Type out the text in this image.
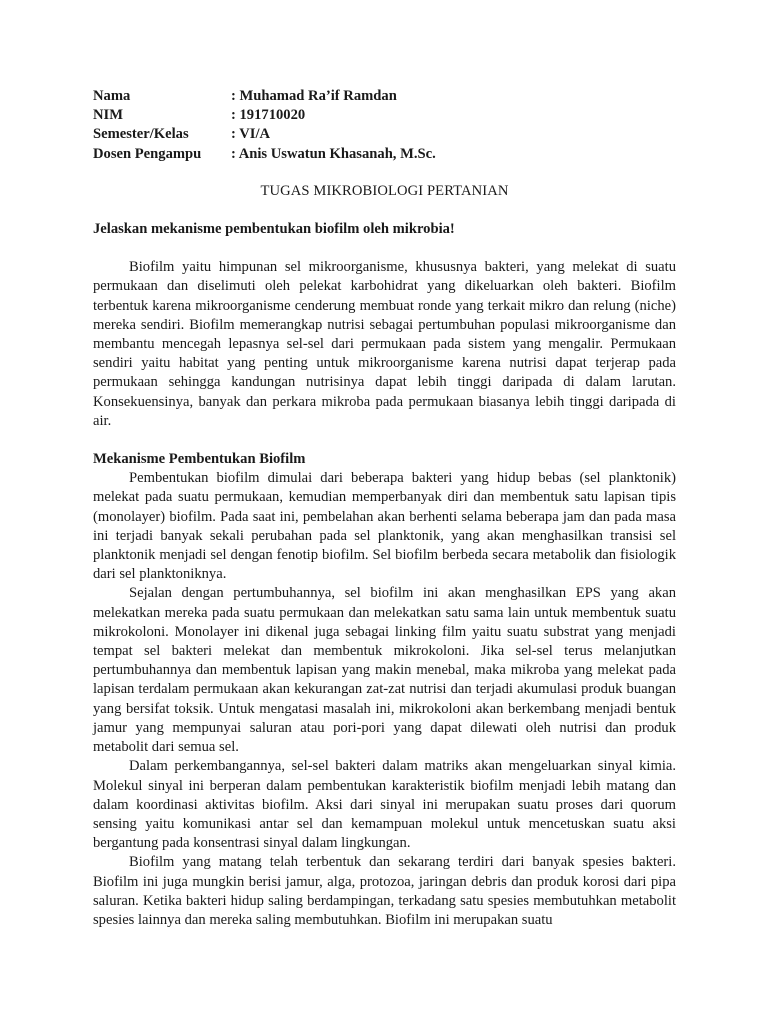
Nama	: Muhamad Ra’if Ramdan
NIM	: 191710020
Semester/Kelas	: VI/A
Dosen Pengampu	: Anis Uswatun Khasanah, M.Sc.
TUGAS MIKROBIOLOGI PERTANIAN
Jelaskan mekanisme pembentukan biofilm oleh mikrobia!

Biofilm yaitu himpunan sel mikroorganisme, khususnya bakteri, yang melekat di suatu permukaan dan diselimuti oleh pelekat karbohidrat yang dikeluarkan oleh bakteri. Biofilm terbentuk karena mikroorganisme cenderung membuat ronde yang terkait mikro dan relung (niche) mereka sendiri. Biofilm memerangkap nutrisi sebagai pertumbuhan populasi mikroorganisme dan membantu mencegah lepasnya sel-sel dari permukaan pada sistem yang mengalir. Permukaan sendiri yaitu habitat yang penting untuk mikroorganisme karena nutrisi dapat terjerap pada permukaan sehingga kandungan nutrisinya dapat lebih tinggi daripada di dalam larutan. Konsekuensinya, banyak dan perkara mikroba pada permukaan biasanya lebih tinggi daripada di air.

Mekanisme Pembentukan Biofilm

Pembentukan biofilm dimulai dari beberapa bakteri yang hidup bebas (sel planktonik) melekat pada suatu permukaan, kemudian memperbanyak diri dan membentuk satu lapisan tipis (monolayer) biofilm. Pada saat ini, pembelahan akan berhenti selama beberapa jam dan pada masa ini terjadi banyak sekali perubahan pada sel planktonik, yang akan menghasilkan transisi sel planktonik menjadi sel dengan fenotip biofilm. Sel biofilm berbeda secara metabolik dan fisiologik dari sel planktoniknya.

Sejalan dengan pertumbuhannya, sel biofilm ini akan menghasilkan EPS yang akan melekatkan mereka pada suatu permukaan dan melekatkan satu sama lain untuk membentuk suatu mikrokoloni. Monolayer ini dikenal juga sebagai linking film yaitu suatu substrat yang menjadi tempat sel bakteri melekat dan membentuk mikrokoloni. Jika sel-sel terus melanjutkan pertumbuhannya dan membentuk lapisan yang makin menebal, maka mikroba yang melekat pada lapisan terdalam permukaan akan kekurangan zat-zat nutrisi dan terjadi akumulasi produk buangan yang bersifat toksik. Untuk mengatasi masalah ini, mikrokoloni akan berkembang menjadi bentuk jamur yang mempunyai saluran atau pori-pori yang dapat dilewati oleh nutrisi dan produk metabolit dari semua sel.

Dalam perkembangannya, sel-sel bakteri dalam matriks akan mengeluarkan sinyal kimia. Molekul sinyal ini berperan dalam pembentukan karakteristik biofilm menjadi lebih matang dan dalam koordinasi aktivitas biofilm. Aksi dari sinyal ini merupakan suatu proses dari quorum sensing yaitu komunikasi antar sel dan kemampuan molekul untuk mencetuskan suatu aksi bergantung pada konsentrasi sinyal dalam lingkungan.

Biofilm yang matang telah terbentuk dan sekarang terdiri dari banyak spesies bakteri. Biofilm ini juga mungkin berisi jamur, alga, protozoa, jaringan debris dan produk korosi dari pipa saluran. Ketika bakteri hidup saling berdampingan, terkadang satu spesies membutuhkan metabolit spesies lainnya dan mereka saling membutuhkan. Biofilm ini merupakan suatu
